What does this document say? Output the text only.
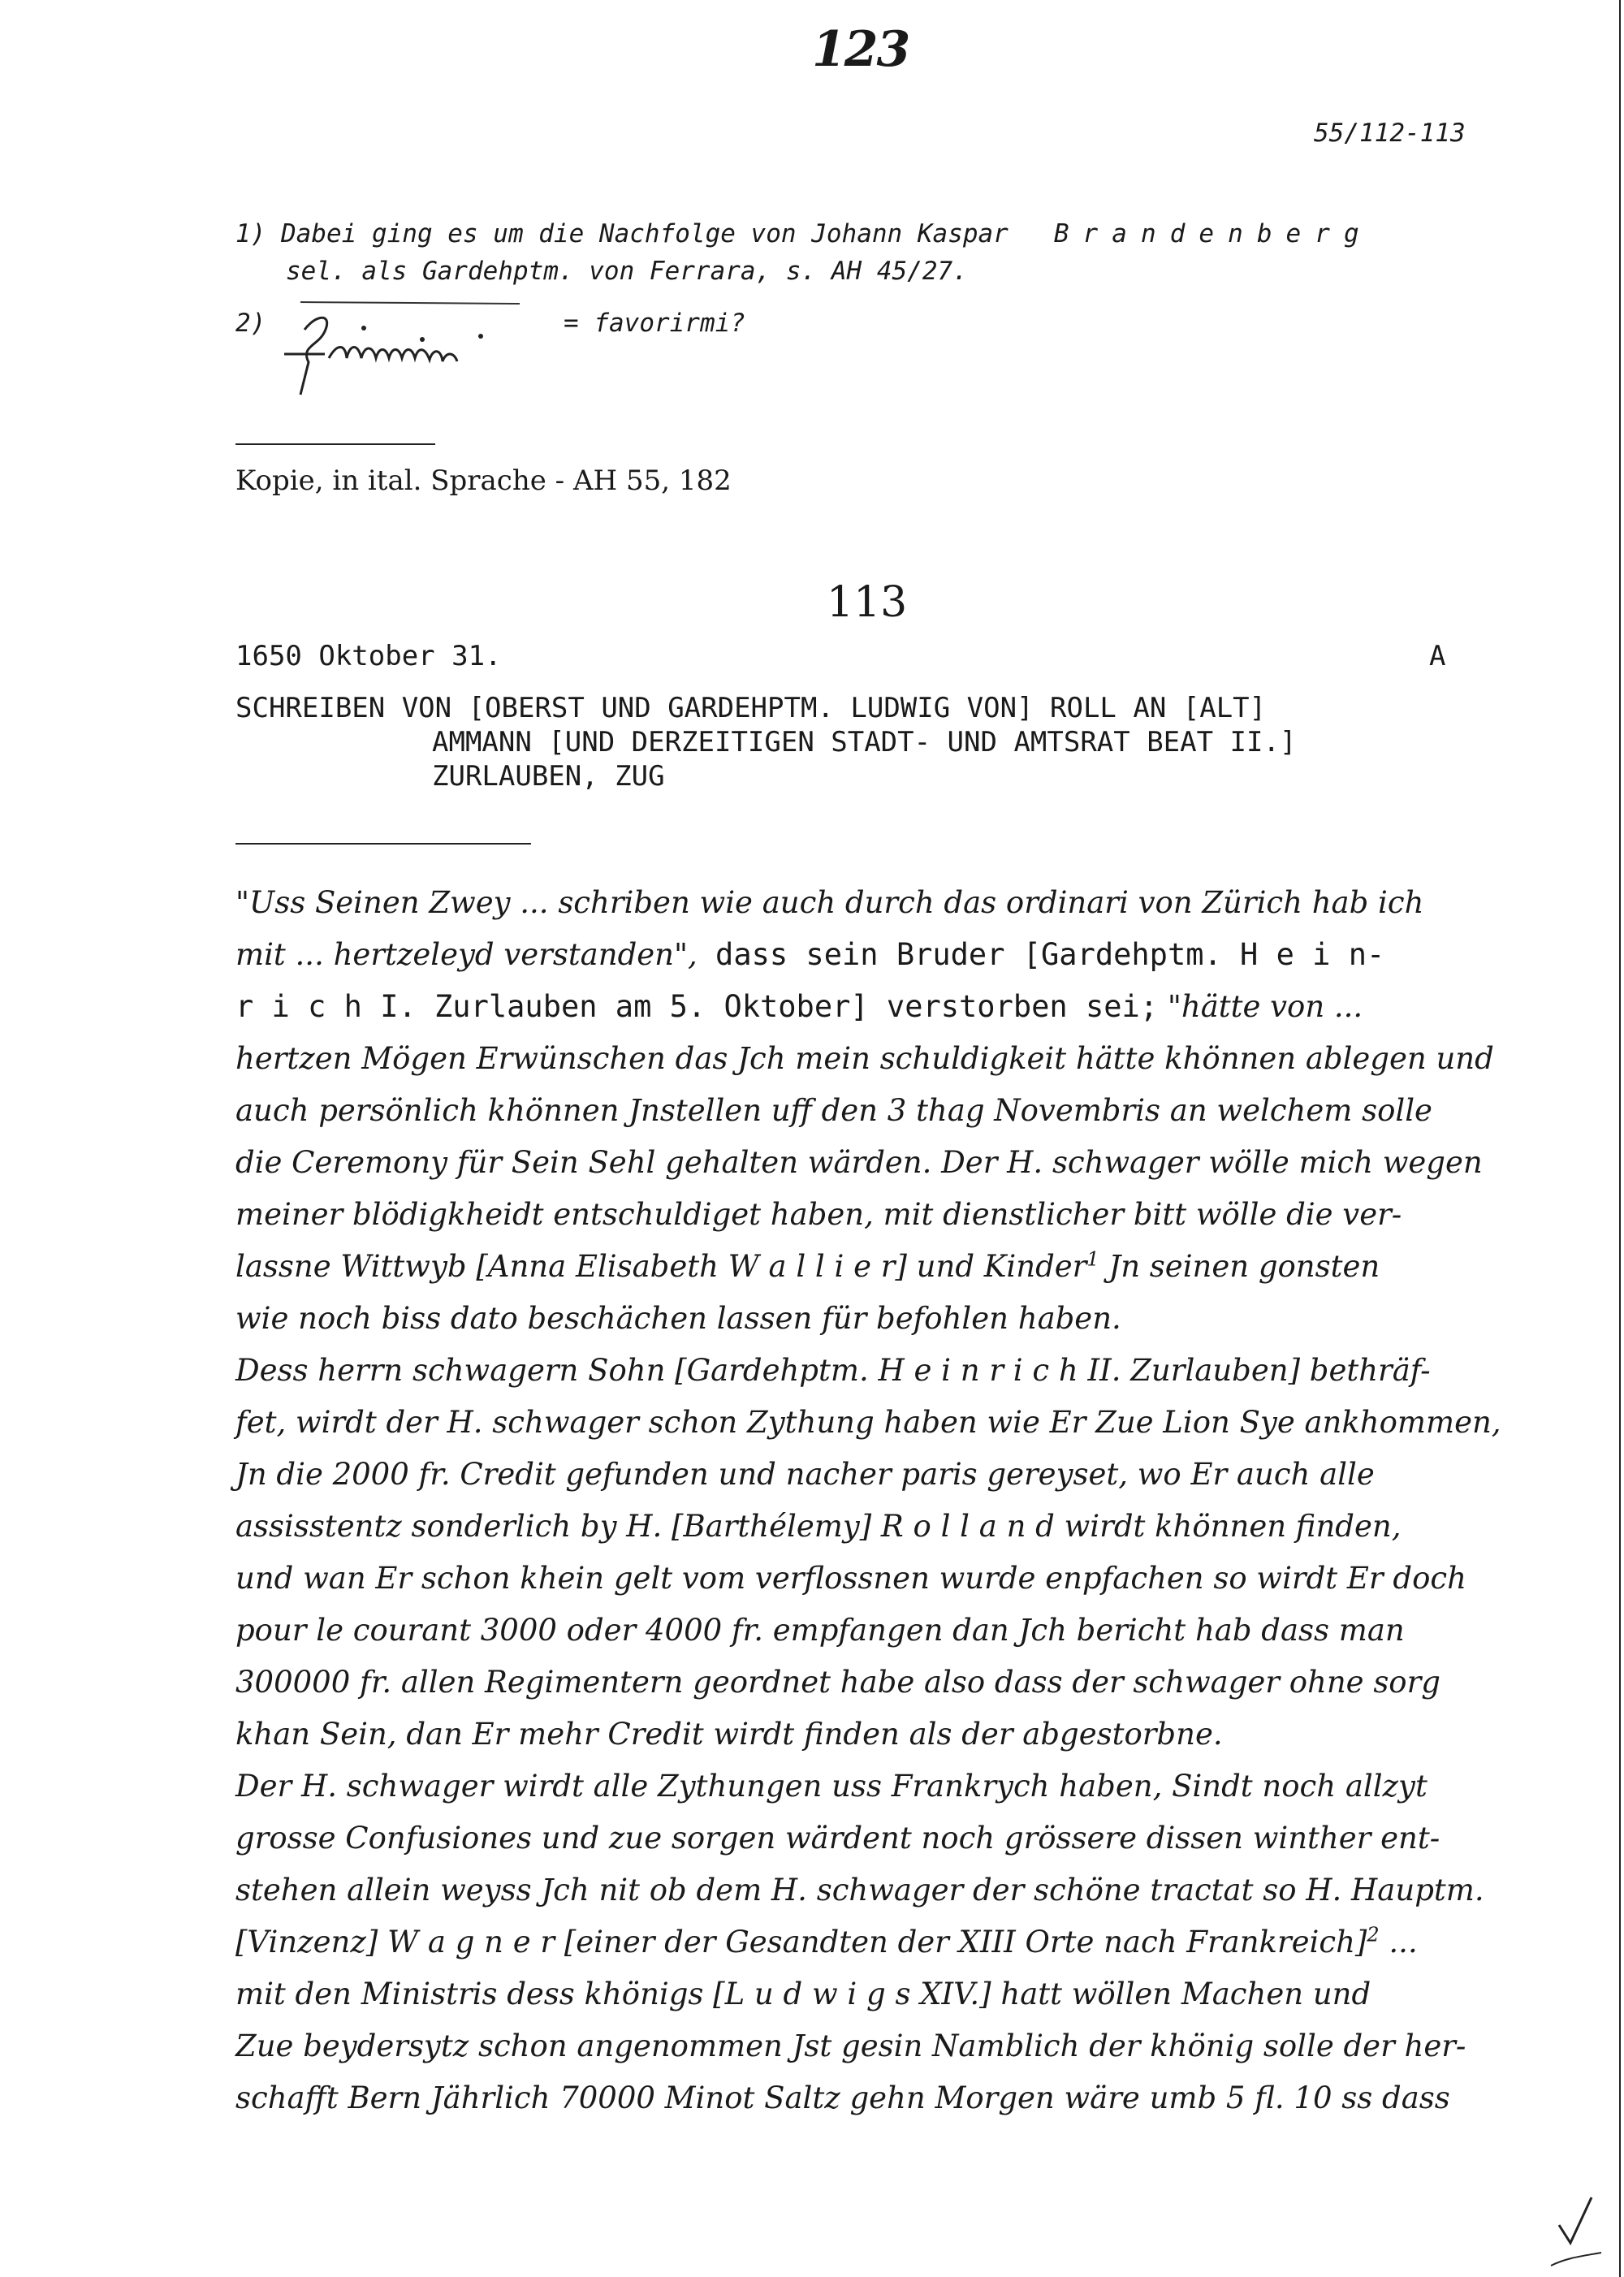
123
55/112-113
1) Dabei ging es um die Nachfolge von Johann Kaspar Brandenberg
sel. als Gardehptm. von Ferrara, s. AH 45/27.
2)	= favorirmi?
Kopie, in ital. Sprache - AH 55, 182
113
1650 Oktober 31.	A
SCHREIBEN VON [OBERST UND GARDEHPTM. LUDWIG VON] ROLL AN [ALT]
AMMANN [UND DERZEITIGEN STADT- UND AMTSRAT BEAT II.]
ZURLAUBEN, ZUG
"Uss Seinen Zwey ... schriben wie auch durch das ordinari von Zürich hab ich
mit ... hertzeleyd verstanden", dass sein Bruder [Gardehptm. H e i n-
r i c h I. Zurlauben am 5. Oktober] verstorben sei; "hätte von ...
hertzen Mögen Erwünschen das Jch mein schuldigkeit hätte khönnen ablegen und
auch persönlich khönnen Jnstellen uff den 3 thag Novembris an welchem solle
die Ceremony für Sein Sehl gehalten wärden. Der H. schwager wölle mich wegen
meiner blödigkheidt entschuldiget haben, mit dienstlicher bitt wölle die ver-
lassne Wittwyb [Anna Elisabeth W a l l i e r] und Kinder$^1$ Jn seinen gonsten
wie noch biss dato beschächen lassen für befohlen haben.
Dess herrn schwagern Sohn [Gardehptm. H e i n r i c h II. Zurlauben] bethräf-
fet, wirdt der H. schwager schon Zythung haben wie Er Zue Lion Sye ankhommen,
Jn die 2000 fr. Credit gefunden und nacher paris gereyset, wo Er auch alle
assisstentz sonderlich by H. [Barthélemy] R o l l a n d wirdt khönnen finden,
und wan Er schon khein gelt vom verflossnen wurde enpfachen so wirdt Er doch
pour le courant 3000 oder 4000 fr. empfangen dan Jch bericht hab dass man
300000 fr. allen Regimentern geordnet habe also dass der schwager ohne sorg
khan Sein, dan Er mehr Credit wirdt finden als der abgestorbne.
Der H. schwager wirdt alle Zythungen uss Frankrych haben, Sindt noch allzyt
grosse Confusiones und zue sorgen wärdent noch grössere dissen winther ent-
stehen allein weyss Jch nit ob dem H. schwager der schöne tractat so H. Hauptm.
[Vinzenz] W a g n e r [einer der Gesandten der XIII Orte nach Frankreich]$^2$ ...
mit den Ministris dess khönigs [L u d w i g s XIV.] hatt wöllen Machen und
Zue beydersytz schon angenommen Jst gesin Namblich der khönig solle der her-
schafft Bern Jährlich 70000 Minot Saltz gehn Morgen wäre umb 5 fl. 10 ss dass
